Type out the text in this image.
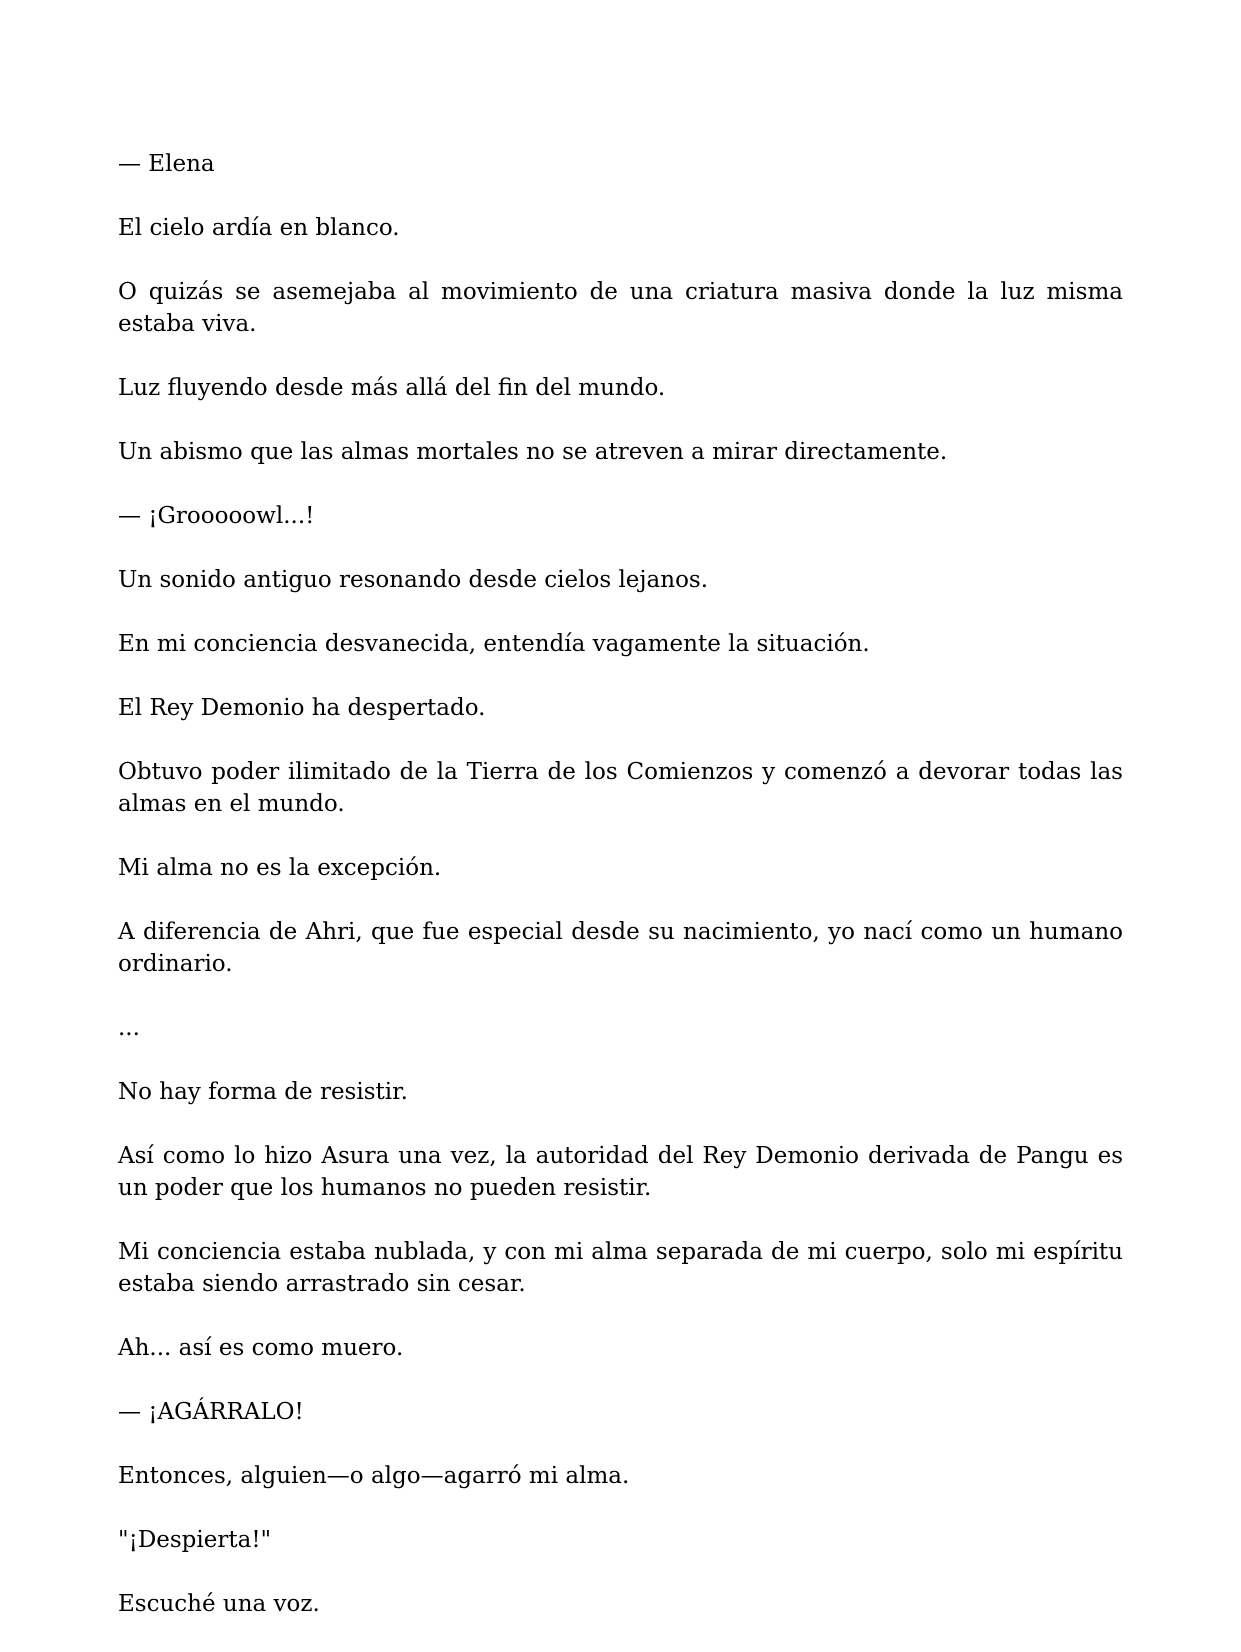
— Elena

El cielo ardía en blanco.

O quizás se asemejaba al movimiento de una criatura masiva donde la luz misma estaba viva.

Luz fluyendo desde más allá del fin del mundo.

Un abismo que las almas mortales no se atreven a mirar directamente.

— ¡Grooooowl...!

Un sonido antiguo resonando desde cielos lejanos.

En mi conciencia desvanecida, entendía vagamente la situación.

El Rey Demonio ha despertado.

Obtuvo poder ilimitado de la Tierra de los Comienzos y comenzó a devorar todas las almas en el mundo.

Mi alma no es la excepción.

A diferencia de Ahri, que fue especial desde su nacimiento, yo nací como un humano ordinario.

...

No hay forma de resistir.

Así como lo hizo Asura una vez, la autoridad del Rey Demonio derivada de Pangu es un poder que los humanos no pueden resistir.

Mi conciencia estaba nublada, y con mi alma separada de mi cuerpo, solo mi espíritu estaba siendo arrastrado sin cesar.

Ah... así es como muero.

— ¡AGÁRRALO!

Entonces, alguien—o algo—agarró mi alma.

"¡Despierta!"

Escuché una voz.
